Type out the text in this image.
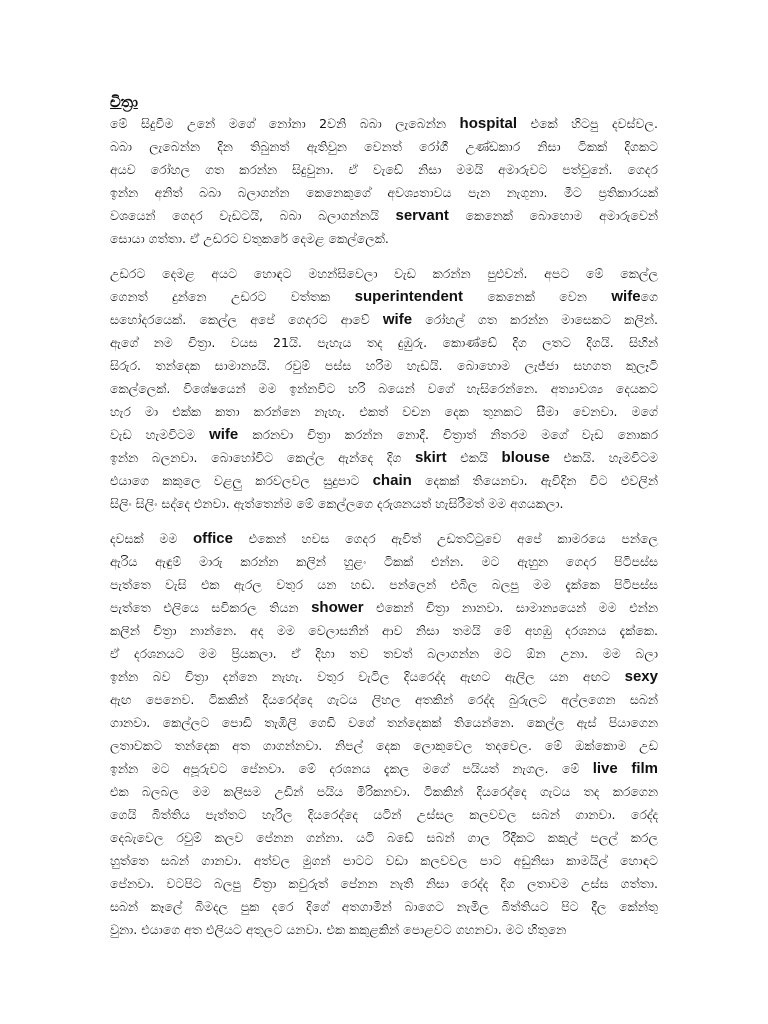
චිත්‍රා
මේ සිදුවීම උනේ මගේ නෝනා 2වනි බබා ලැබෙන්න hospital එකේ හිටපු දවස්වල.
බබා ලැබෙන්න දින තිබුනත් ඇතිවුන වෙනත් රෝගී උණ්ඩකාර නිසා ටිකක් දිගකට
අයව රෝහල ගත කරන්න සිදුවුනා. ඒ වැඩේ නිසා මමයි අමාරුවට පත්වුනේ. ගෙදර
ඉන්න අනිත් බබා බලාගන්න කෙනෙකුගේ අවශ්‍යතාවය පැන නැගුනා. මීට ප්‍රතිකාරයක්
වශයෙන් ගෙදර වැඩටයි, බබා බලාගන්නයි servant කෙනෙක් බොහොම අමාරුවෙන්
සොයා ගත්තා. ඒ උඩරට වතුකරේ දෙමළ කෙල්ලෙක්.
උඩරට දෙමළ අයට හොඳට මහන්සිවෙලා වැඩ කරන්න පුළුවන්. අපට මේ කෙල්ල
ගෙනත් දුන්නෙ උඩරට වත්තක superintendent කෙනෙක් වෙන wifeගෙ
සහෝදරයෙක්. කෙල්ල අපේ ගෙදරට ආවේ wife රෝහල් ගත කරන්න මාසෙකට කලින්.
ඇගේ නම චිත්‍රා. වයස 21යි. පැහැය තද දුඹුරු. කොණ්ඩේ දිග ලතට දිගයි. සිහින්
සිරුර. තන්දෙක සාමාන්‍යයි. රවුම් පස්ස හරිම හැඩයි. බොහොම ලැජ්ජා සහගත කුලෑටි
කෙල්ලෙක්. විශේෂයෙන් මම ඉන්නවිට හරි බයෙන් වගේ හැසිරෙන්නෙ. අත්‍යාවශ්‍ය දෙයකට
හැර මා එක්ක කතා කරන්නෙ නැහැ. එකත් වචන දෙක තුනකට සීමා වෙනවා. මගේ
වැඩ හැමවිටම wife කරනවා චිත්‍රා කරන්න නොදී. චිත්‍රාත් නිතරම මගේ වැඩ නොකර
ඉන්න බලනවා. බොහෝවිට කෙල්ල ඇන්දෙ දිග skirt එකයි blouse එකයි. හැමවිටම
එයාගෙ කකුලෙ වළලු කරවලවල සුදුපාට chain දෙකක් තියෙනවා. ඇවිදින විට එවලින්
සිලිං සිලිං සද්දෙ එනවා. ඇත්තෙන්ම මේ කෙල්ලගෙ දරුශනයත් හැසිරීමත් මම අගයකලා.
දවසක් මම office එකෙන් හවස ගෙදර ඇවිත් උඩතට්ටුවෙ අපේ කාමරයෙ පන්ලෙ
ඇරිය ඇඳුම් මාරු කරන්න කලින් හුළං ටිකක් එන්න. මට ඇහුන ගෙදර පිටිපස්ස
පැත්තෙ වැසි එක ඇරල වතුර යන හඬ. පන්ලෙන් එබිල බලපු මම දැක්කෙ පිටිපස්ස
පැත්තෙ එලියෙ සවිකරල තියන shower එකෙන් චිත්‍රා නානවා. සාමාන්‍යයෙන් මම එන්න
කලින් චිත්‍රා නාන්නෙ. අද මම වෙලාසනින් ආව නිසා තමයි මේ අහඹු දරශනය දැක්කෙ.
ඒ දරශනයට මම ප්‍රියකලා. ඒ දිහා තව තවත් බලාගන්න මට ඕන උනා. මම බලා
ඉන්න බව චිත්‍රා දන්නෙ නැහැ. වතුර වැටිල දියරෙද්ද ඇඟට ඇලිල යන අඟට sexy
ඇඟ පෙනෙව. ටිකකින් දියරෙද්දෙ ගැටය ලිහල අතකින් රෙද්ද බුරුලට අල්ලගෙන සබන්
ගානවා. කෙල්ලට පොඩි තැඹිලි ගෙඩි වගේ තන්දෙකක් තියෙන්නෙ. කෙල්ල ඇස් පියාගෙන
ලතාවකට තන්දෙක අත ගාගන්නවා. නිපල් දෙක ලොකුවෙල තදවෙල. මේ ඔක්කොම උඩ
ඉන්න මට අපූරුවට පේනවා. මේ දරශනය දැකල මගේ පයියත් නැගල. මේ live film
එක බලබල මම කලිසම උඩින් පයිය මිරිකනවා. ටිකකින් දියරෙද්දෙ ගැටය තද කරගෙන
ගෙයි බිත්තිය පැත්තට හැරිල දියරෙද්දෙ යටින් උස්සල කලවවල සබන් ගානවා. රෙද්ද
දෙබැවෙල රවුම් කලව පේනන ගන්නා. යටි බඩේ සබන් ගාල රිදීකට කකුල් පලල් කරල
හුත්තෙ සබන් ගානවා. අත්වල මුගන් පාටට වඩා කලවවල පාට අඩුනිසා කාමයිල් හොඳට
පේනවා. වටපිට බලපු චිත්‍රා කවුරුත් පේනන නැති නිසා රෙද්ද දිග ලතාවම උස්ස ගත්තා.
සබන් කෑලේ බිමදල පුක දරෙ දිගේ අතගාමින් බාගෙට නැමිල බිත්තියට පිට දීල කේන්තු
වුනා. එයාගෙ අත එලියට අතුලට යනවා. එක කකුළකින් පොළවට ගහනවා. මට හිතුනෙ
